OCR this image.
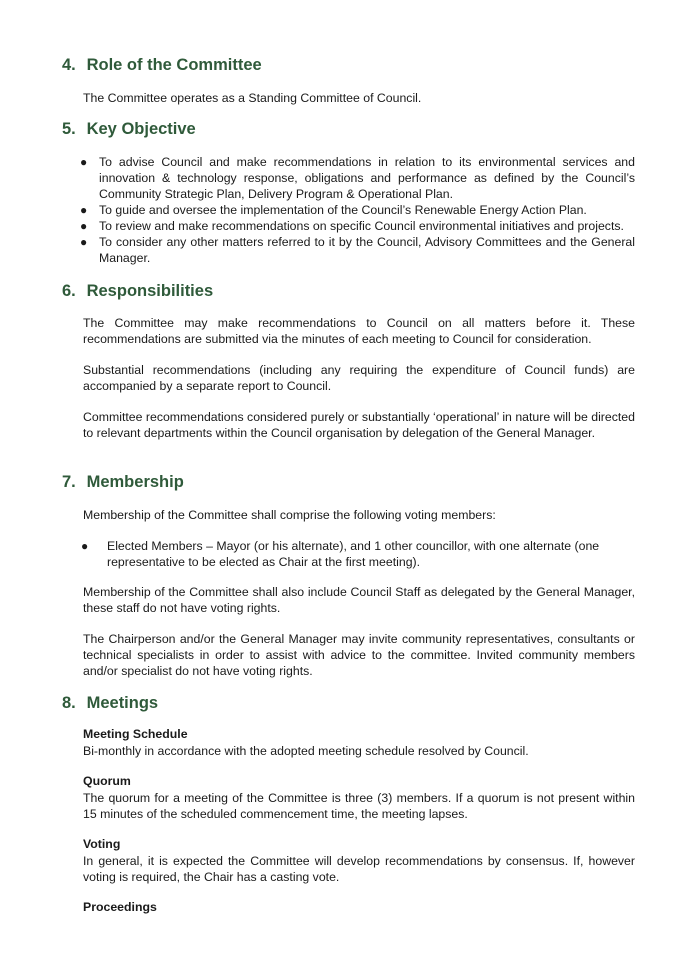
4. Role of the Committee

The Committee operates as a Standing Committee of Council.

5. Key Objective
● To advise Council and make recommendations in relation to its environmental services and innovation & technology response, obligations and performance as defined by the Council’s Community Strategic Plan, Delivery Program & Operational Plan.

● To guide and oversee the implementation of the Council’s Renewable Energy Action Plan.

● To review and make recommendations on specific Council environmental initiatives and projects.

● To consider any other matters referred to it by the Council, Advisory Committees and the General Manager.

6. Responsibilities

The Committee may make recommendations to Council on all matters before it. These recommendations are submitted via the minutes of each meeting to Council for consideration.

Substantial recommendations (including any requiring the expenditure of Council funds) are accompanied by a separate report to Council.

Committee recommendations considered purely or substantially ‘operational’ in nature will be directed to relevant departments within the Council organisation by delegation of the General Manager.

7. Membership

Membership of the Committee shall comprise the following voting members:

● Elected Members – Mayor (or his alternate), and 1 other councillor, with one alternate (one representative to be elected as Chair at the first meeting).

Membership of the Committee shall also include Council Staff as delegated by the General Manager, these staff do not have voting rights.

The Chairperson and/or the General Manager may invite community representatives, consultants or technical specialists in order to assist with advice to the committee. Invited community members and/or specialist do not have voting rights.

8. Meetings

Meeting Schedule

Bi-monthly in accordance with the adopted meeting schedule resolved by Council.

Quorum

The quorum for a meeting of the Committee is three (3) members. If a quorum is not present within 15 minutes of the scheduled commencement time, the meeting lapses.

Voting

In general, it is expected the Committee will develop recommendations by consensus. If, however voting is required, the Chair has a casting vote.

Proceedings
